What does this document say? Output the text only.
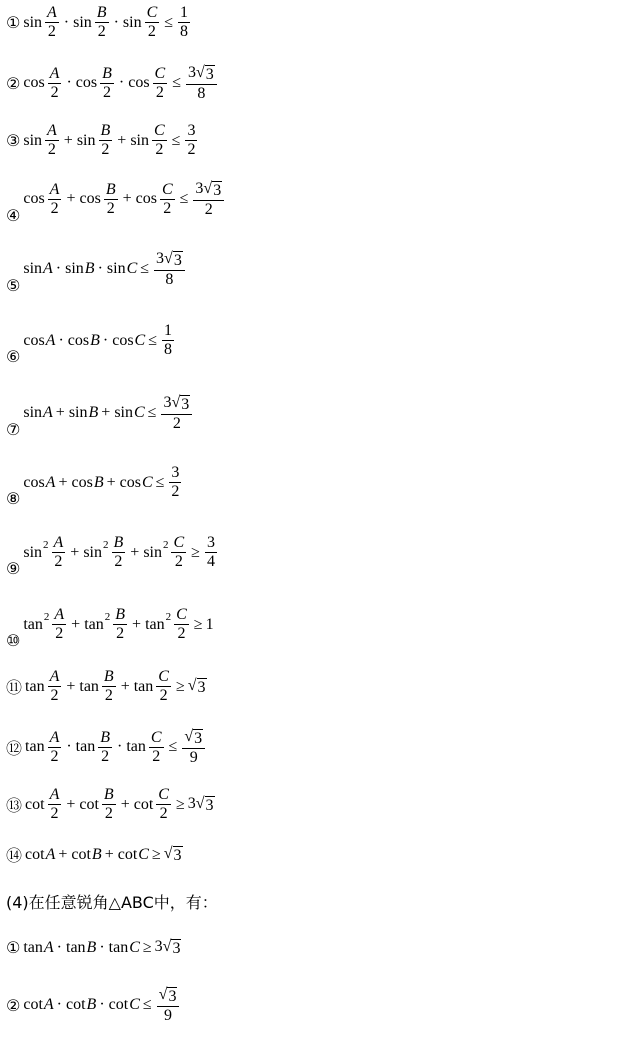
① $\sin \frac{A}{2} \cdot \sin \frac{B}{2} \cdot \sin \frac{C}{2} \le \frac{1}{8}$
② $\cos \frac{A}{2} \cdot \cos \frac{B}{2} \cdot \cos \frac{C}{2} \le \frac{3 √ 3}{8}$
③ $\sin \frac{A}{2} + \sin \frac{B}{2} + \sin \frac{C}{2} \le \frac{3}{2}$
④
$\cos \frac{A}{2} + \cos \frac{B}{2} + \cos \frac{C}{2} \le \frac{3 √ 3}{2}$
⑤
$\sin A \cdot \sin B \cdot \sin C \le \frac{3 √ 3}{8}$
⑥
$\cos A \cdot \cos B \cdot \cos C \le \frac{1}{8}$
⑦
$\sin A + \sin B + \sin C \le \frac{3 √ 3}{2}$
⑧
$\cos A + \cos B + \cos C \le \frac{3}{2}$
⑨
$\sin 2 \frac{A}{2} + \sin 2 \frac{B}{2} + \sin 2 \frac{C}{2} \ge \frac{3}{4}$
⑩
$\tan 2 \frac{A}{2} + \tan 2 \frac{B}{2} + \tan 2 \frac{C}{2} \ge 1$
⑪ $\tan \frac{A}{2} + \tan \frac{B}{2} + \tan \frac{C}{2}$ ≥ √ 3
⑫ $\tan \frac{A}{2} \cdot \tan \frac{B}{2} \cdot \tan \frac{C}{2} \le \frac{√ 3}{9}$
⑬ $\cot \frac{A}{2} + \cot \frac{B}{2} + \cot \frac{C}{2} \ge 3$ √ 3
⑭ cot A + cot B + cot C ≥ √ 3
(4)在任意锐角△ABC中，有：
① tan A · tan B · tan C ≥ 3 √ 3
② $\cot A \cdot \cot B \cdot \cot C \le \frac{√ 3}{9}$
